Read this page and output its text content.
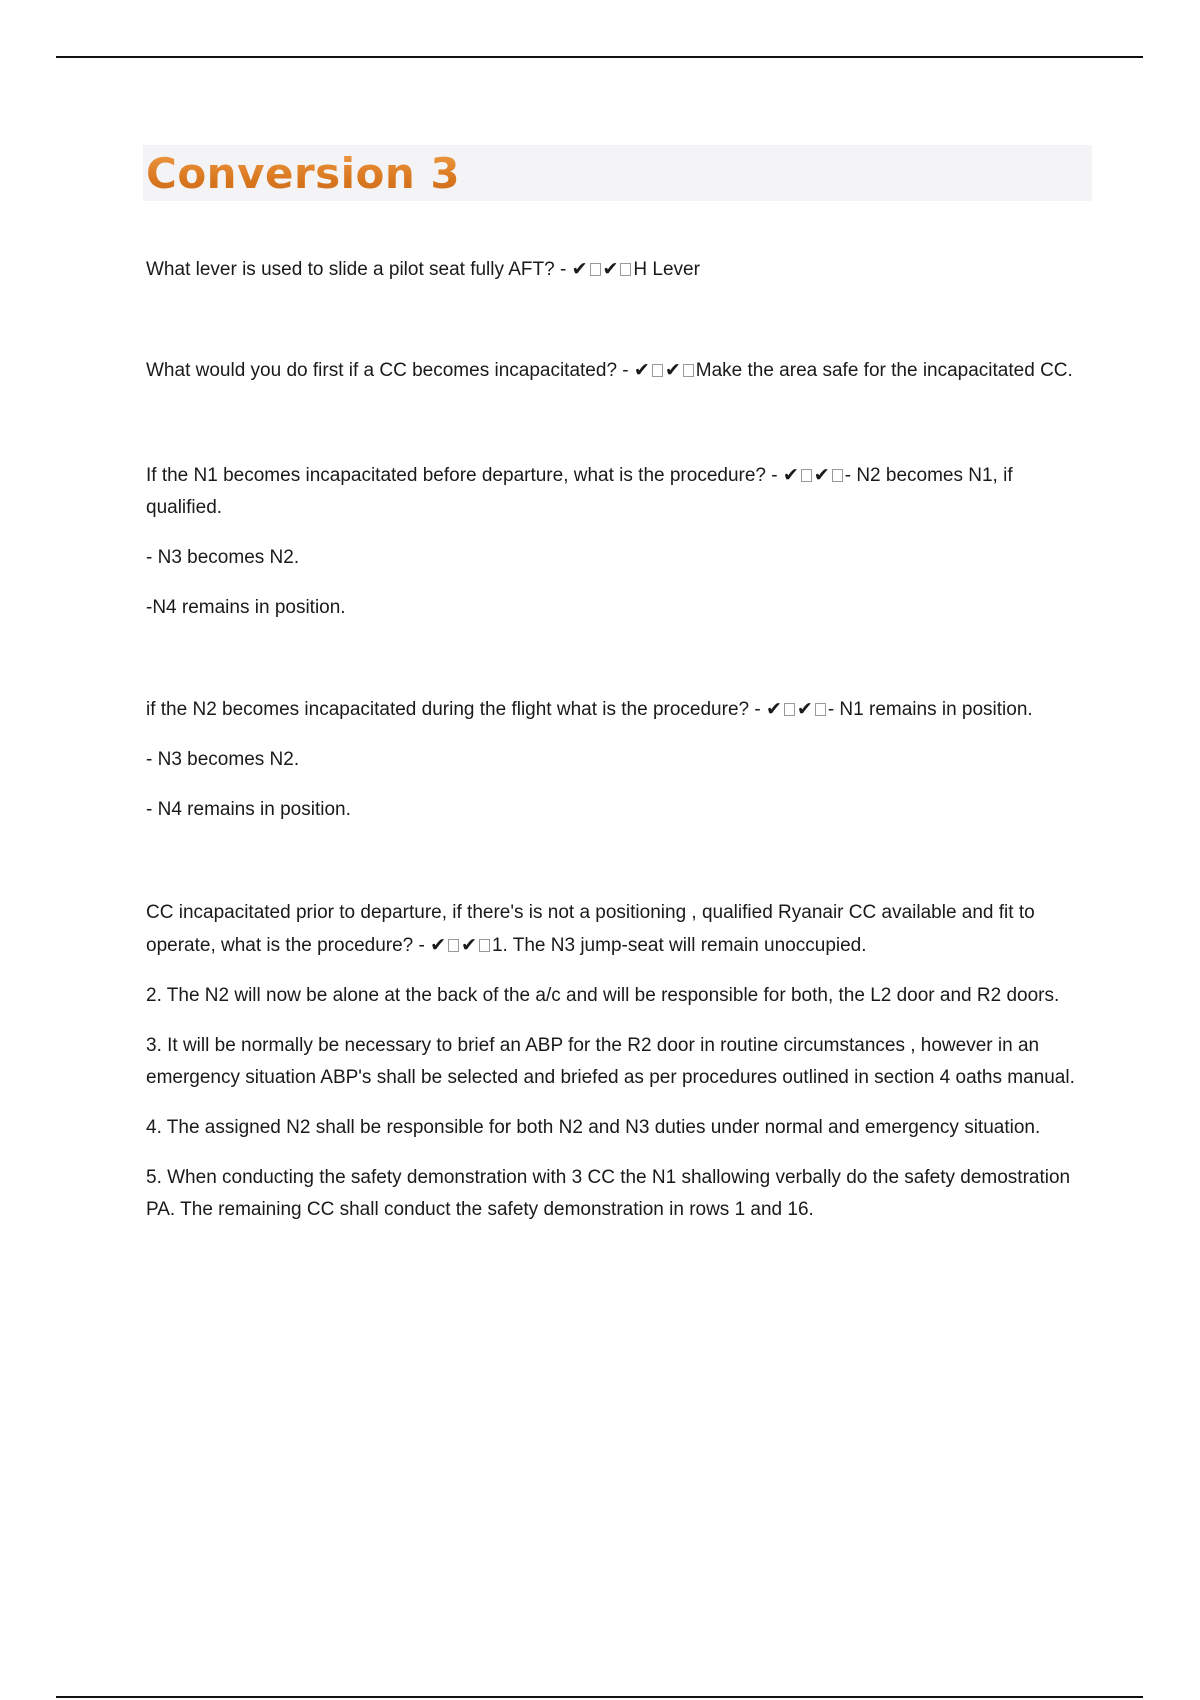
Conversion 3

What lever is used to slide a pilot seat fully AFT? - ✔ ✔ H Lever

What would you do first if a CC becomes incapacitated? - ✔ ✔ Make the area safe for the incapacitated CC.

If the N1 becomes incapacitated before departure, what is the procedure? - ✔ ✔ - N2 becomes N1, if qualified.

- N3 becomes N2.

-N4 remains in position.

if the N2 becomes incapacitated during the flight what is the procedure? - ✔ ✔ - N1 remains in position.

- N3 becomes N2.

- N4 remains in position.

CC incapacitated prior to departure, if there's is not a positioning , qualified Ryanair CC available and fit to operate, what is the procedure? - ✔ ✔ 1. The N3 jump-seat will remain unoccupied.

2. The N2 will now be alone at the back of the a/c and will be responsible for both, the L2 door and R2 doors.

3. It will be normally be necessary to brief an ABP for the R2 door in routine circumstances , however in an emergency situation ABP's shall be selected and briefed as per procedures outlined in section 4 oaths manual.

4. The assigned N2 shall be responsible for both N2 and N3 duties under normal and emergency situation.

5. When conducting the safety demonstration with 3 CC the N1 shallowing verbally do the safety demostration PA. The remaining CC shall conduct the safety demonstration in rows 1 and 16.
